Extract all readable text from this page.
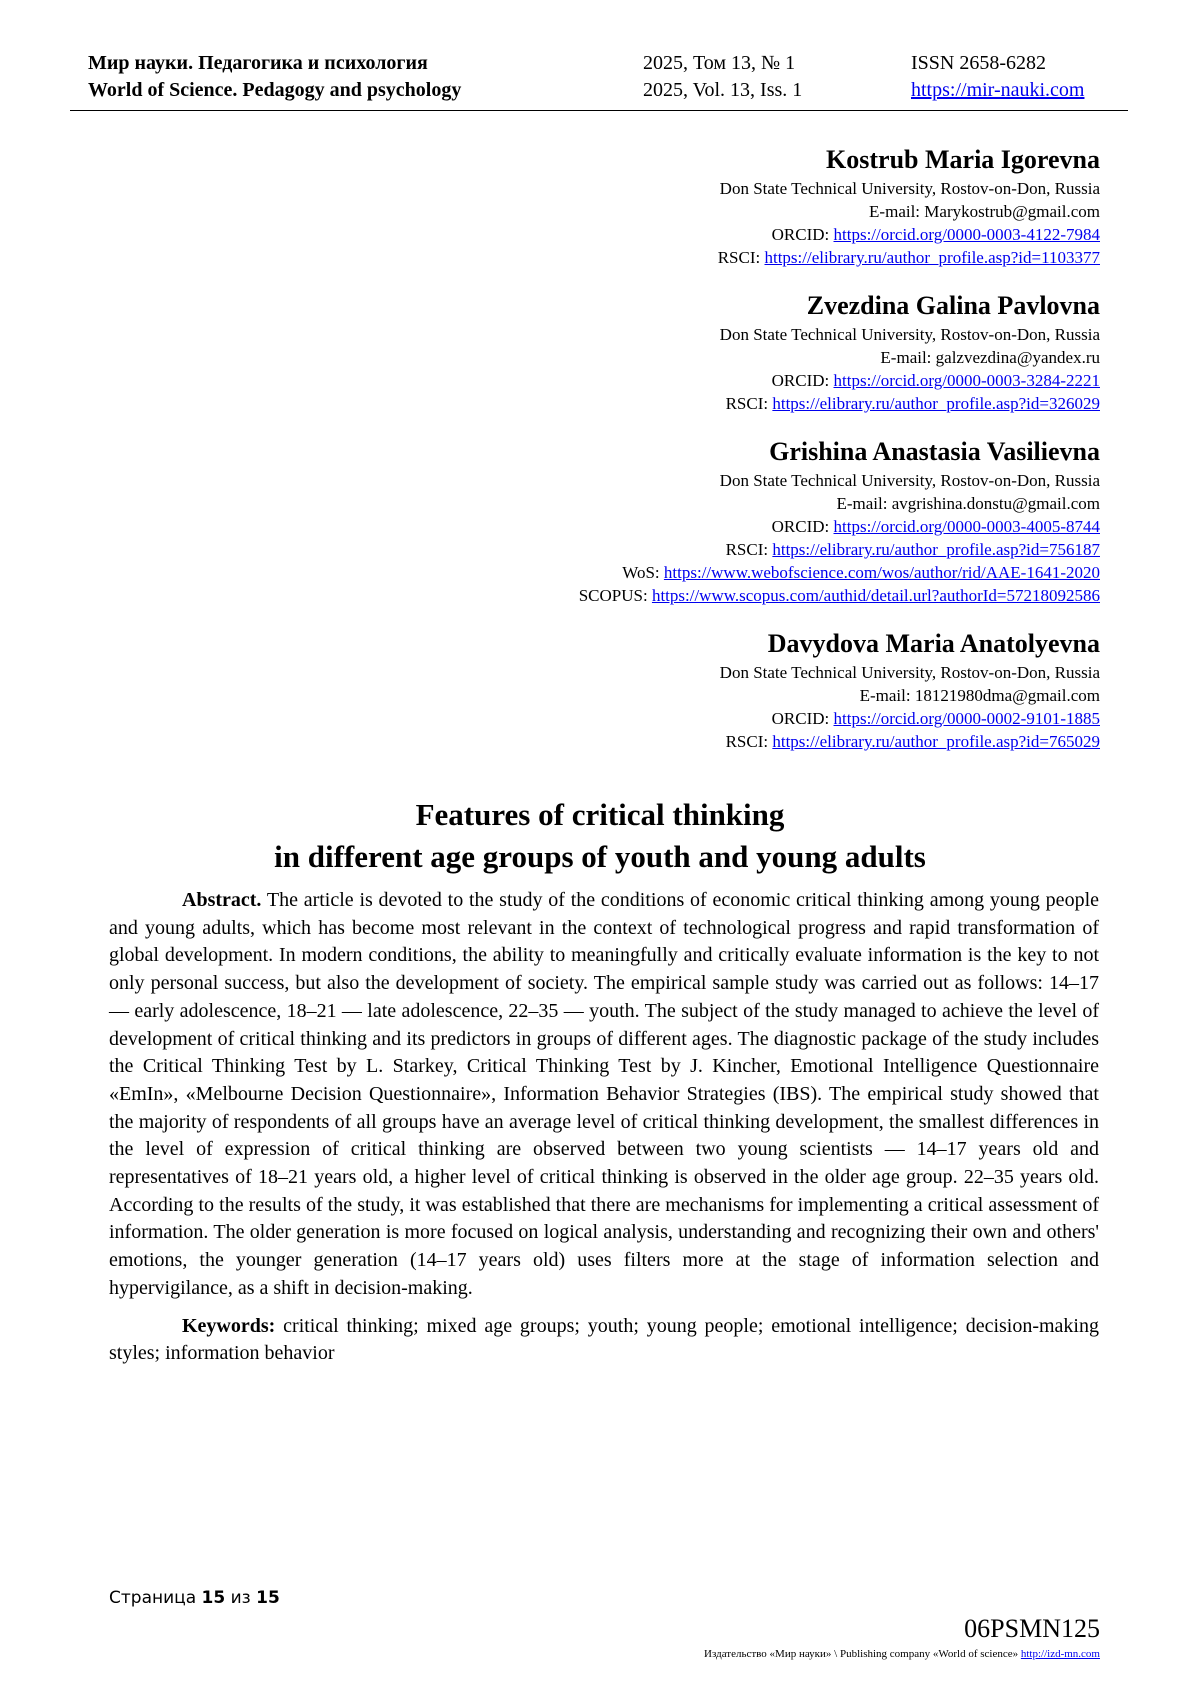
Мир науки. Педагогика и психология	2025, Том 13, № 1	ISSN 2658-6282
World of Science. Pedagogy and psychology	2025, Vol. 13, Iss. 1	https://mir-nauki.com
Kostrub Maria Igorevna
Don State Technical University, Rostov-on-Don, Russia
E-mail: Marykostrub@gmail.com
ORCID: https://orcid.org/0000-0003-4122-7984
RSCI: https://elibrary.ru/author_profile.asp?id=1103377
Zvezdina Galina Pavlovna
Don State Technical University, Rostov-on-Don, Russia
E-mail: galzvezdina@yandex.ru
ORCID: https://orcid.org/0000-0003-3284-2221
RSCI: https://elibrary.ru/author_profile.asp?id=326029
Grishina Anastasia Vasilievna
Don State Technical University, Rostov-on-Don, Russia
E-mail: avgrishina.donstu@gmail.com
ORCID: https://orcid.org/0000-0003-4005-8744
RSCI: https://elibrary.ru/author_profile.asp?id=756187
WoS: https://www.webofscience.com/wos/author/rid/AAE-1641-2020
SCOPUS: https://www.scopus.com/authid/detail.url?authorId=57218092586
Davydova Maria Anatolyevna
Don State Technical University, Rostov-on-Don, Russia
E-mail: 18121980dma@gmail.com
ORCID: https://orcid.org/0000-0002-9101-1885
RSCI: https://elibrary.ru/author_profile.asp?id=765029
Features of critical thinking
in different age groups of youth and young adults

Abstract. The article is devoted to the study of the conditions of economic critical thinking among young people and young adults, which has become most relevant in the context of technological progress and rapid transformation of global development. In modern conditions, the ability to meaningfully and critically evaluate information is the key to not only personal success, but also the development of society. The empirical sample study was carried out as follows: 14–17 — early adolescence, 18–21 — late adolescence, 22–35 — youth. The subject of the study managed to achieve the level of development of critical thinking and its predictors in groups of different ages. The diagnostic package of the study includes the Critical Thinking Test by L. Starkey, Critical Thinking Test by J. Kincher, Emotional Intelligence Questionnaire «EmIn», «Melbourne Decision Questionnaire», Information Behavior Strategies (IBS). The empirical study showed that the majority of respondents of all groups have an average level of critical thinking development, the smallest differences in the level of expression of critical thinking are observed between two young scientists — 14–17 years old and representatives of 18–21 years old, a higher level of critical thinking is observed in the older age group. 22–35 years old. According to the results of the study, it was established that there are mechanisms for implementing a critical assessment of information. The older generation is more focused on logical analysis, understanding and recognizing their own and others' emotions, the younger generation (14–17 years old) uses filters more at the stage of information selection and hypervigilance, as a shift in decision-making.

Keywords: critical thinking; mixed age groups; youth; young people; emotional intelligence; decision-making styles; information behavior

Страница 15 из 15
06PSMN125
Издательство «Мир науки» \ Publishing company «World of science» http://izd-mn.com
